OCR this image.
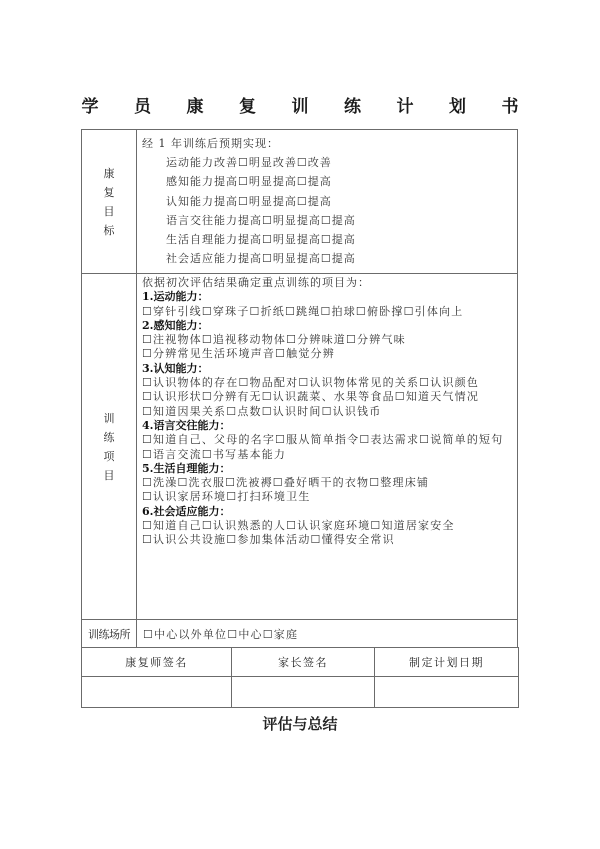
学 员 康 复 训 练 计 划 书
康
复
目
标

经 1 年训练后预期实现：
运动能力改善☐明显改善☐改善
感知能力提高☐明显提高☐提高
认知能力提高☐明显提高☐提高
语言交往能力提高☐明显提高☐提高
生活自理能力提高☐明显提高☐提高
社会适应能力提高☐明显提高☐提高

训
练
项
目

依据初次评估结果确定重点训练的项目为：
1.运动能力：
☐穿针引线☐穿珠子☐折纸☐跳绳☐拍球☐俯卧撑☐引体向上
2.感知能力：
☐注视物体☐追视移动物体☐分辨味道☐分辨气味
☐分辨常见生活环境声音☐触觉分辨
3.认知能力：
☐认识物体的存在☐物品配对☐认识物体常见的关系☐认识颜色
☐认识形状☐分辨有无☐认识蔬菜、水果等食品☐知道天气情况
☐知道因果关系☐点数☐认识时间☐认识钱币
4.语言交往能力：
☐知道自己、父母的名字☐服从简单指令☐表达需求☐说简单的短句
☐语言交流☐书写基本能力
5.生活自理能力：
☐洗澡☐洗衣服☐洗被褥☐叠好晒干的衣物☐整理床铺
☐认识家居环境☐打扫环境卫生
6.社会适应能力：
☐知道自己☐认识熟悉的人☐认识家庭环境☐知道居家安全
☐认识公共设施☐参加集体活动☐懂得安全常识

训练场所	☐中心以外单位☐中心☐家庭
康复师签名	家长签名	制定计划日期

评估与总结
